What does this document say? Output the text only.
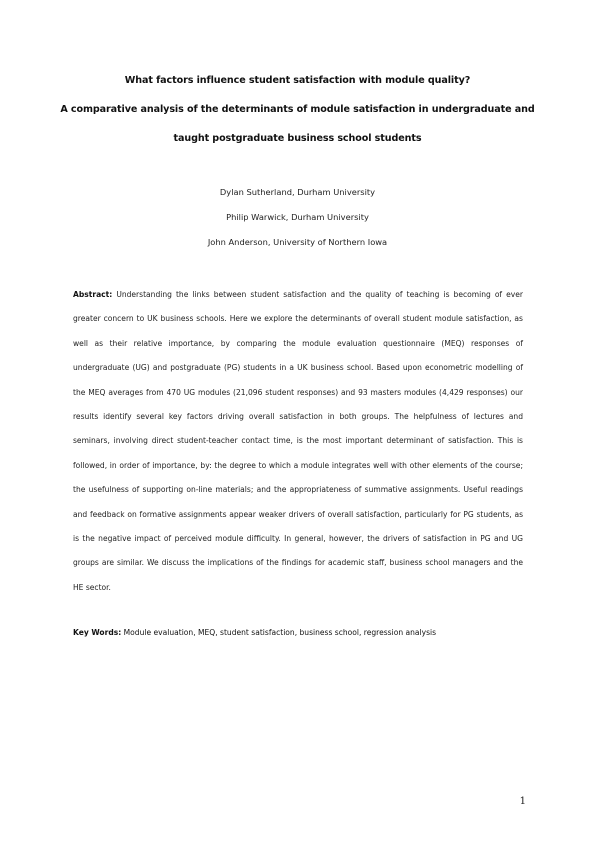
What factors influence student satisfaction with module quality?
A comparative analysis of the determinants of module satisfaction in undergraduate and
taught postgraduate business school students
Dylan Sutherland, Durham University
Philip Warwick, Durham University
John Anderson, University of Northern Iowa

Abstract: Understanding the links between student satisfaction and the quality of teaching is becoming of ever greater concern to UK business schools. Here we explore the determinants of overall student module satisfaction, as well as their relative importance, by comparing the module evaluation questionnaire (MEQ) responses of undergraduate (UG) and postgraduate (PG) students in a UK business school. Based upon econometric modelling of the MEQ averages from 470 UG modules (21,096 student responses) and 93 masters modules (4,429 responses) our results identify several key factors driving overall satisfaction in both groups. The helpfulness of lectures and seminars, involving direct student-teacher contact time, is the most important determinant of satisfaction. This is followed, in order of importance, by: the degree to which a module integrates well with other elements of the course; the usefulness of supporting on-line materials; and the appropriateness of summative assignments. Useful readings and feedback on formative assignments appear weaker drivers of overall satisfaction, particularly for PG students, as is the negative impact of perceived module difficulty. In general, however, the drivers of satisfaction in PG and UG groups are similar. We discuss the implications of the findings for academic staff, business school managers and the HE sector.

Key Words: Module evaluation, MEQ, student satisfaction, business school, regression analysis

1
